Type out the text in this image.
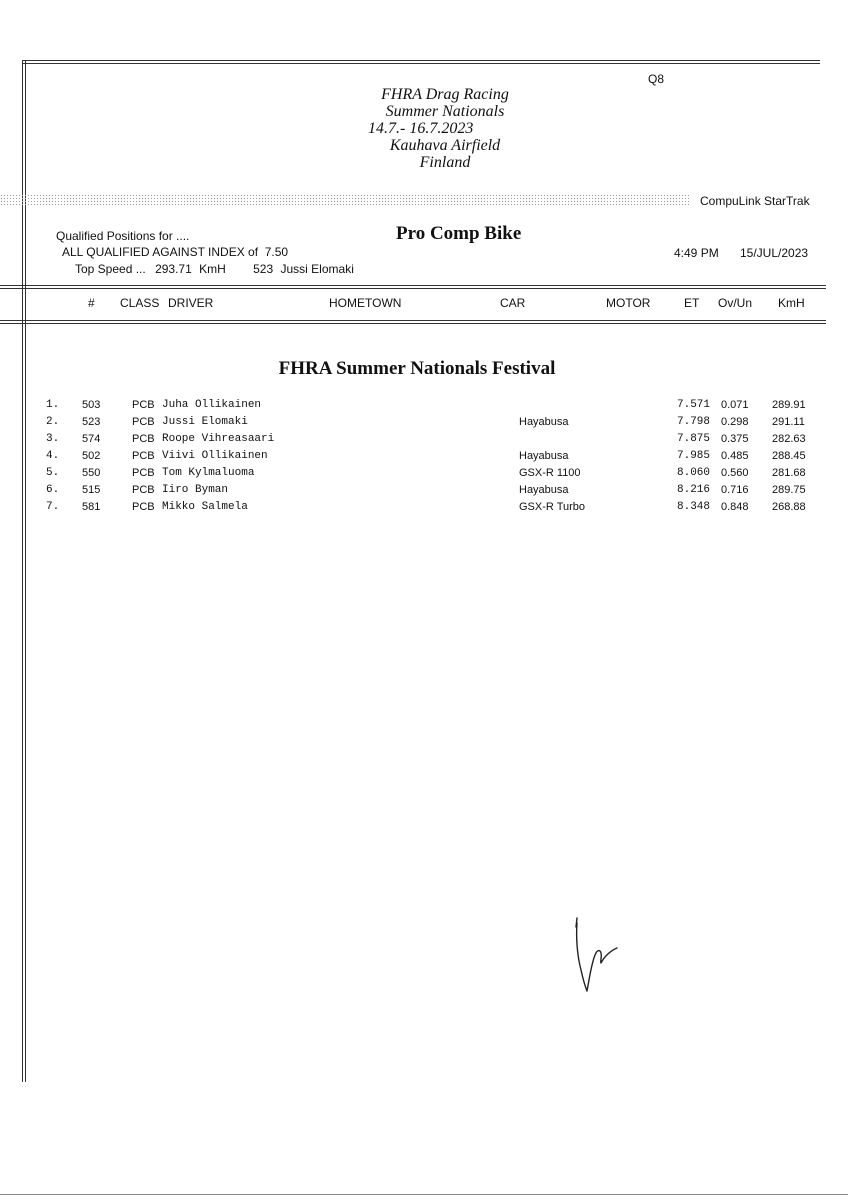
Q8
FHRA Drag Racing
Summer Nationals
14.7.- 16.7.2023
Kauhava Airfield
Finland
CompuLink StarTrak
Qualified Positions for ....
ALL QUALIFIED AGAINST INDEX of  7.50
Top Speed ... 293.71 KmH 523 Jussi Elomaki
Pro Comp Bike
4:49 PM 15/JUL/2023
# CLASS DRIVER	HOMETOWN	CAR	MOTOR	ET Ov/Un KmH
FHRA Summer Nationals Festival
1. 503	PCB Juha Ollikainen	7.571 0.071 289.91
2. 523	PCB Jussi Elomaki	Hayabusa	7.798 0.298 291.11
3. 574	PCB Roope Vihreasaari	7.875 0.375 282.63
4. 502	PCB Viivi Ollikainen	Hayabusa	7.985 0.485 288.45
5. 550	PCB Tom Kylmaluoma	GSX-R 1100	8.060 0.560 281.68
6. 515	PCB Iiro Byman	Hayabusa	8.216 0.716 289.75
7. 581	PCB Mikko Salmela	GSX-R Turbo	8.348 0.848 268.88
